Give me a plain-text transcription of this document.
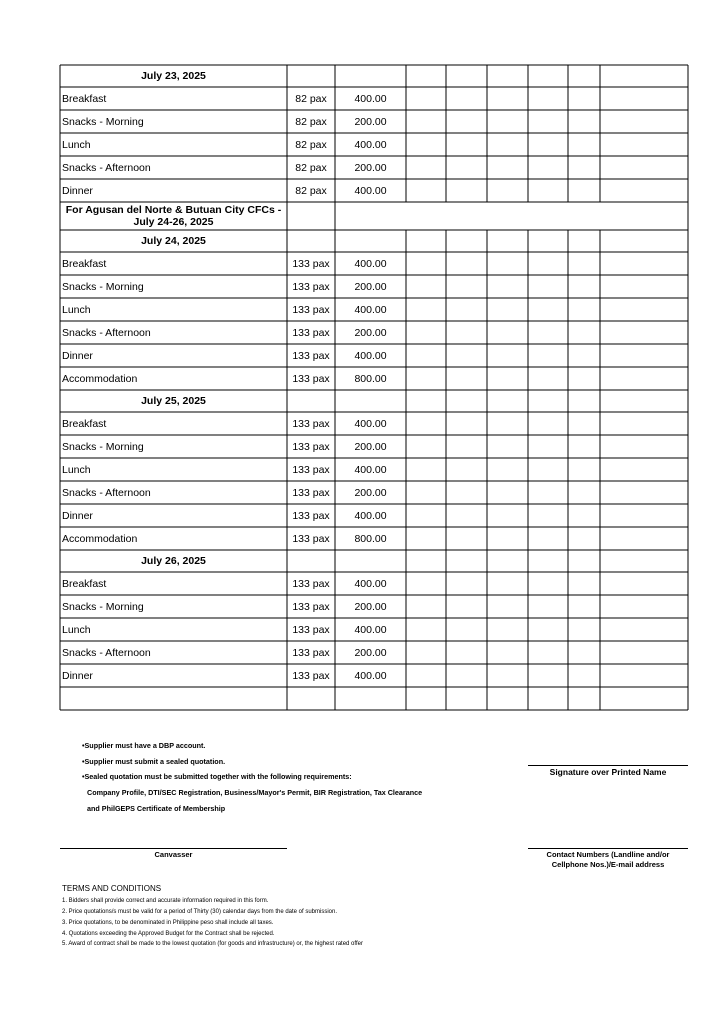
July 23, 2025
Breakfast	82 pax	400.00
Snacks - Morning	82 pax	200.00
Lunch	82 pax	400.00
Snacks - Afternoon	82 pax	200.00
Dinner	82 pax	400.00
For Agusan del Norte & Butuan City CFCs -
July 24-26, 2025
July 24, 2025
Breakfast	133 pax	400.00
Snacks - Morning	133 pax	200.00
Lunch	133 pax	400.00
Snacks - Afternoon	133 pax	200.00
Dinner	133 pax	400.00
Accommodation	133 pax	800.00
July 25, 2025
Breakfast	133 pax	400.00
Snacks - Morning	133 pax	200.00
Lunch	133 pax	400.00
Snacks - Afternoon	133 pax	200.00
Dinner	133 pax	400.00
Accommodation	133 pax	800.00
July 26, 2025
Breakfast	133 pax	400.00
Snacks - Morning	133 pax	200.00
Lunch	133 pax	400.00
Snacks - Afternoon	133 pax	200.00
Dinner	133 pax	400.00
•Supplier must have a DBP account.
•Supplier must submit a sealed quotation.
•Sealed quotation must be submitted together with the following requirements:
Company Profile, DTI/SEC Registration, Business/Mayor's Permit, BIR Registration, Tax Clearance
and PhilGEPS Certificate of Membership
Signature over Printed Name
Canvasser	Contact Numbers (Landline and/or
Cellphone Nos.)/E-mail address
TERMS AND CONDITIONS
1. Bidders shall provide correct and accurate information required in this form.
2. Price quotations/s must be valid for a period of Thirty (30) calendar days from the date of submission.
3. Price quotations, to be denominated in Philippine peso shall include all taxes.
4. Quotations exceeding the Approved Budget for the Contract shall be rejected.
5. Award of contract shall be made to the lowest quotation (for goods and infrastructure) or, the highest rated offer
